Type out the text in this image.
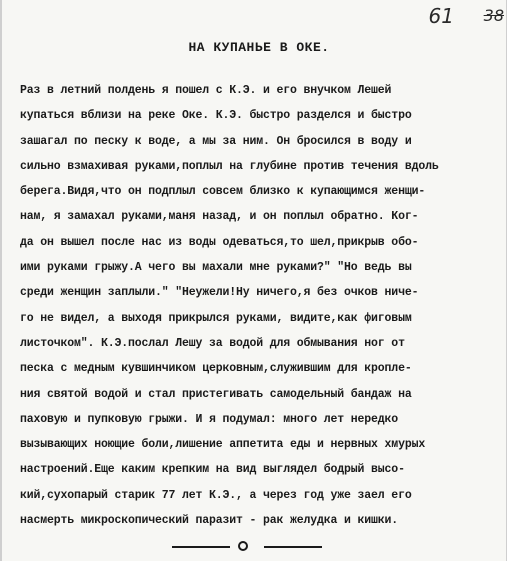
61 38
НА КУПАНЬЕ В ОКЕ.
Раз в летний полдень я пошел с К.Э. и его внучком Лешей
купаться вблизи на реке Оке. К.Э. быстро разделся и быстро
зашагал по песку к воде, а мы за ним. Он бросился в воду и
сильно взмахивая руками,поплыл на глубине против течения вдоль
берега.Видя,что он подплыл совсем близко к купающимся женщи-
нам, я замахал руками,маня назад, и он поплыл обратно. Ког-
да он вышел после нас из воды одеваться,то шел,прикрыв обо-
ими руками грыжу.А чего вы махали мне руками?" "Но ведь вы
среди женщин заплыли." "Неужели!Ну ничего,я без очков ниче-
го не видел, а выходя прикрылся руками, видите,как фиговым
листочком". К.Э.послал Лешу за водой для обмывания ног от
песка с медным кувшинчиком церковным,служившим для кропле-
ния святой водой и стал пристегивать самодельный бандаж на
паховую и пупковую грыжи. И я подумал: много лет нередко
вызывающих ноющие боли,лишение аппетита еды и нервных хмурых
настроений.Еще каким крепким на вид выглядел бодрый высо-
кий,сухопарый старик 77 лет К.Э., а через год уже заел его
насмерть микроскопический паразит - рак желудка и кишки.
